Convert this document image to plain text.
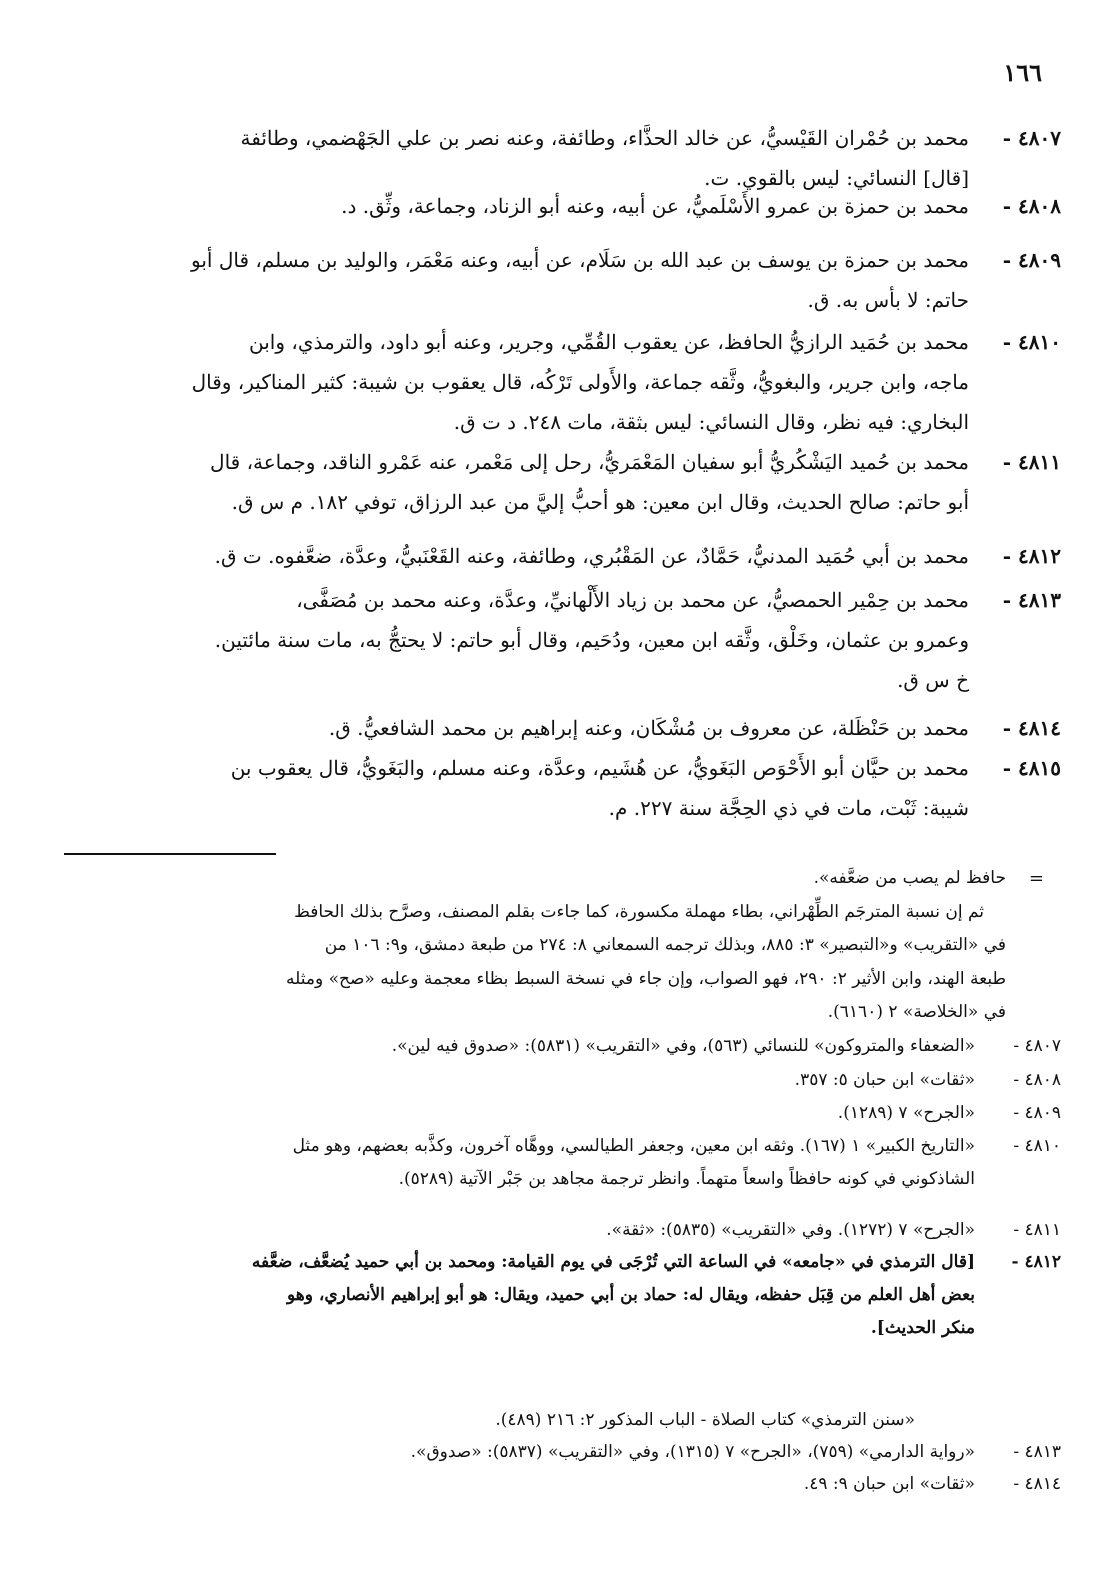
١٦٦
٤٨٠٧ -
محمد بن حُمْران القَيْسيُّ، عن خالد الحذَّاء، وطائفة، وعنه نصر بن علي الجَهْضمي، وطائفة
[قال] النسائي: ليس بالقوي. ت.
٤٨٠٨ -
محمد بن حمزة بن عمرو الأَسْلَميُّ، عن أبيه، وعنه أبو الزناد، وجماعة، وثِّق. د.
٤٨٠٩ -
محمد بن حمزة بن يوسف بن عبد الله بن سَلَام، عن أبيه، وعنه مَعْمَر، والوليد بن مسلم، قال أبو
حاتم: لا بأس به. ق.
٤٨١٠ -
محمد بن حُمَيد الرازيُّ الحافظ، عن يعقوب القُمِّي، وجرير، وعنه أبو داود، والترمذي، وابن
ماجه، وابن جرير، والبغويُّ، وثَّقه جماعة، والأَولى تَرْكُه، قال يعقوب بن شيبة: كثير المناكير، وقال
البخاري: فيه نظر، وقال النسائي: ليس بثقة، مات ٢٤٨. د ت ق.
٤٨١١ -
محمد بن حُميد اليَشْكُريُّ أبو سفيان المَعْمَريُّ، رحل إلى مَعْمر، عنه عَمْرو الناقد، وجماعة، قال
أبو حاتم: صالح الحديث، وقال ابن معين: هو أحبُّ إليَّ من عبد الرزاق، توفي ١٨٢. م س ق.
٤٨١٢ -
محمد بن أبي حُمَيد المدنيُّ، حَمَّادٌ، عن المَقْبُري، وطائفة، وعنه القَعْنَبيُّ، وعدَّة، ضعَّفوه. ت ق.
٤٨١٣ -
محمد بن حِمْير الحمصيُّ، عن محمد بن زياد الأَلْهانيِّ، وعدَّة، وعنه محمد بن مُصَفَّى،
وعمرو بن عثمان، وخَلْق، وثَّقه ابن معين، ودُحَيم، وقال أبو حاتم: لا يحتجُّ به، مات سنة مائتين.
خ س ق.
٤٨١٤ -
محمد بن حَنْظَلة، عن معروف بن مُشْكَان، وعنه إبراهيم بن محمد الشافعيُّ. ق.
٤٨١٥ -
محمد بن حيَّان أبو الأَحْوَص البَغَويُّ، عن هُشَيم، وعدَّة، وعنه مسلم، والبَغَويُّ، قال يعقوب بن
شيبة: ثَبْت، مات في ذي الحِجَّة سنة ٢٢٧. م.
=
حافظ لم يصب من ضعَّفه».
ثم إن نسبة المترجَم الطِّهْراني، بطاء مهملة مكسورة، كما جاءت بقلم المصنف، وصرَّح بذلك الحافظ
في «التقريب» و«التبصير» ٣: ٨٨٥، وبذلك ترجمه السمعاني ٨: ٢٧٤ من طبعة دمشق، و٩: ١٠٦ من
طبعة الهند، وابن الأثير ٢: ٢٩٠، فهو الصواب، وإن جاء في نسخة السبط بظاء معجمة وعليه «صح» ومثله
في «الخلاصة» ٢ (٦١٦٠).
٤٨٠٧ -
«الضعفاء والمتروكون» للنسائي (٥٦٣)، وفي «التقريب» (٥٨٣١): «صدوق فيه لين».
٤٨٠٨ -
«ثقات» ابن حبان ٥: ٣٥٧.
٤٨٠٩ -
«الجرح» ٧ (١٢٨٩).
٤٨١٠ -
«التاريخ الكبير» ١ (١٦٧). وثقه ابن معين، وجعفر الطيالسي، ووهَّاه آخرون، وكذَّبه بعضهم، وهو مثل
الشاذكوني في كونه حافظاً واسعاً متهماً. وانظر ترجمة مجاهد بن جَبْر الآتية (٥٢٨٩).
٤٨١١ -
«الجرح» ٧ (١٢٧٢). وفي «التقريب» (٥٨٣٥): «ثقة».
٤٨١٢ -
[قال الترمذي في «جامعه» في الساعة التي تُرْجَى في يوم القيامة: ومحمد بن أبي حميد يُضعَّف، ضعَّفه
بعض أهل العلم من قِبَل حفظه، ويقال له: حماد بن أبي حميد، ويقال: هو أبو إبراهيم الأنصاري، وهو
منكر الحديث].
«سنن الترمذي» كتاب الصلاة - الباب المذكور ٢: ٢١٦ (٤٨٩).
٤٨١٣ -
«رواية الدارمي» (٧٥٩)، «الجرح» ٧ (١٣١٥)، وفي «التقريب» (٥٨٣٧): «صدوق».
٤٨١٤ -
«ثقات» ابن حبان ٩: ٤٩.
